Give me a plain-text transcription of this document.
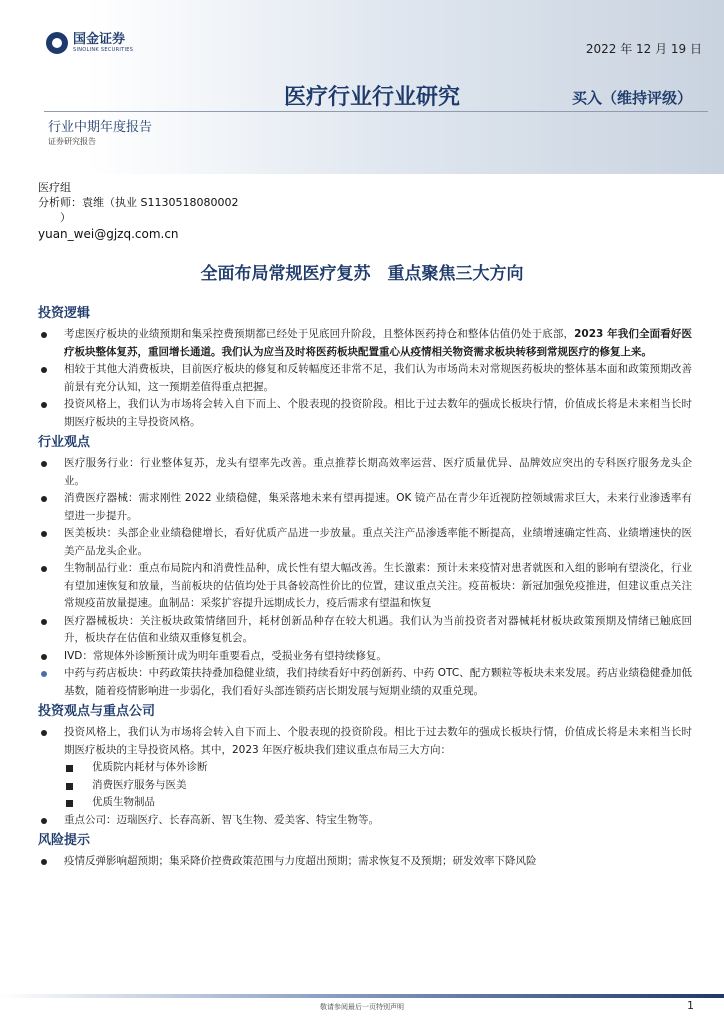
国金证券
SINOLINK SECURITIES	2022 年 12 月 19 日
医疗行业行业研究	买入（维持评级）
行业中期年度报告
证券研究报告
医疗组
分析师：袁维（执业 S1130518080002
）
yuan_wei@gjzq.com.cn
全面布局常规医疗复苏　重点聚焦三大方向
投资逻辑
考虑医疗板块的业绩预期和集采控费预期都已经处于见底回升阶段，且整体医药持仓和整体估值仍处于底部，2023 年我们全面看好医疗板块整体复苏，重回增长通道。我们认为应当及时将医药板块配置重心从疫情相关物资需求板块转移到常规医疗的修复上来。
相较于其他大消费板块，目前医疗板块的修复和反转幅度还非常不足，我们认为市场尚未对常规医药板块的整体基本面和政策预期改善前景有充分认知，这一预期差值得重点把握。
投资风格上，我们认为市场将会转入自下而上、个股表现的投资阶段。相比于过去数年的强成长板块行情，价值成长将是未来相当长时期医疗板块的主导投资风格。
行业观点
医疗服务行业：行业整体复苏，龙头有望率先改善。重点推荐长期高效率运营、医疗质量优异、品牌效应突出的专科医疗服务龙头企业。
消费医疗器械：需求刚性 2022 业绩稳健，集采落地未来有望再提速。OK 镜产品在青少年近视防控领域需求巨大，未来行业渗透率有望进一步提升。
医美板块：头部企业业绩稳健增长，看好优质产品进一步放量。重点关注产品渗透率能不断提高，业绩增速确定性高、业绩增速快的医美产品龙头企业。
生物制品行业：重点布局院内和消费性品种，成长性有望大幅改善。生长激素：预计未来疫情对患者就医和入组的影响有望淡化，行业有望加速恢复和放量，当前板块的估值均处于具备较高性价比的位置，建议重点关注。疫苗板块：新冠加强免疫推进，但建议重点关注常规疫苗放量提速。血制品：采浆扩容提升远期成长力，疫后需求有望温和恢复
医疗器械板块：关注板块政策情绪回升，耗材创新品种存在较大机遇。我们认为当前投资者对器械耗材板块政策预期及情绪已触底回升，板块存在估值和业绩双重修复机会。
IVD：常规体外诊断预计成为明年重要看点，受损业务有望持续修复。
中药与药店板块：中药政策扶持叠加稳健业绩，我们持续看好中药创新药、中药 OTC、配方颗粒等板块未来发展。药店业绩稳健叠加低基数，随着疫情影响进一步弱化，我们看好头部连锁药店长期发展与短期业绩的双重兑现。
投资观点与重点公司
投资风格上，我们认为市场将会转入自下而上、个股表现的投资阶段。相比于过去数年的强成长板块行情，价值成长将是未来相当长时期医疗板块的主导投资风格。其中，2023 年医疗板块我们建议重点布局三大方向：
优质院内耗材与体外诊断
消费医疗服务与医美
优质生物制品
重点公司：迈瑞医疗、长春高新、智飞生物、爱美客、特宝生物等。
风险提示
疫情反弹影响超预期；集采降价控费政策范围与力度超出预期；需求恢复不及预期；研发效率下降风险
敬请参阅最后一页特别声明	1
